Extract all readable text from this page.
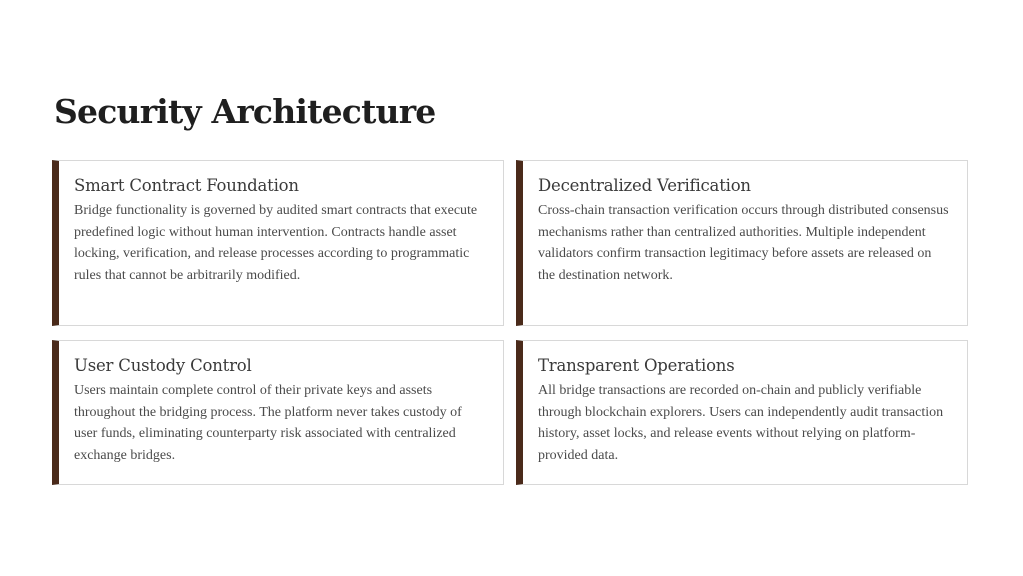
Security Architecture
Smart Contract Foundation

Bridge functionality is governed by audited smart contracts that execute predefined logic without human intervention. Contracts handle asset locking, verification, and release processes according to programmatic rules that cannot be arbitrarily modified.

Decentralized Verification

Cross-chain transaction verification occurs through distributed consensus mechanisms rather than centralized authorities. Multiple independent validators confirm transaction legitimacy before assets are released on the destination network.

User Custody Control

Users maintain complete control of their private keys and assets throughout the bridging process. The platform never takes custody of user funds, eliminating counterparty risk associated with centralized exchange bridges.

Transparent Operations

All bridge transactions are recorded on-chain and publicly verifiable through blockchain explorers. Users can independently audit transaction history, asset locks, and release events without relying on platform-provided data.
